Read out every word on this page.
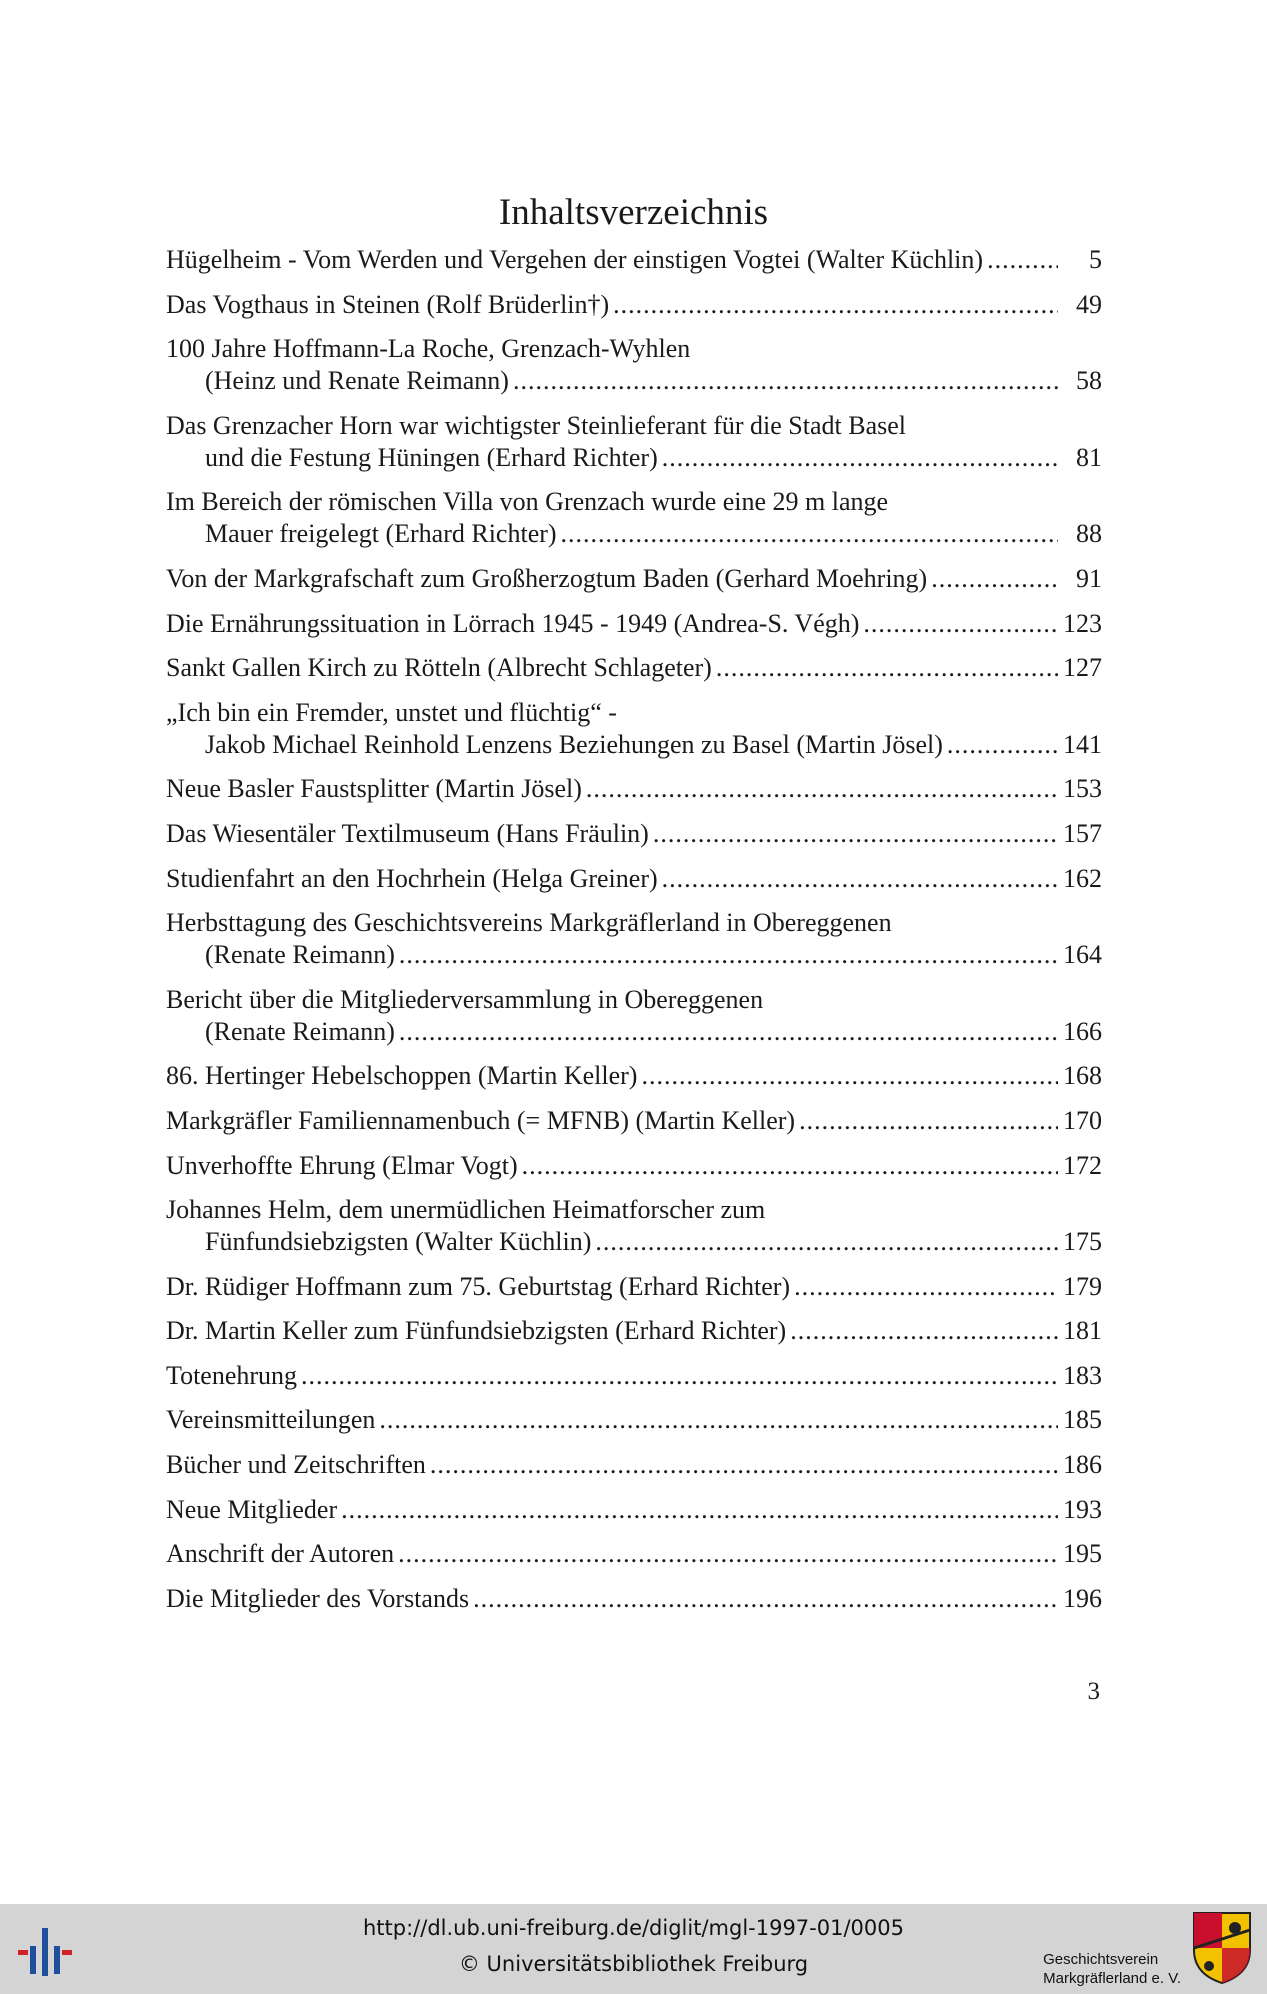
Inhaltsverzeichnis
Hügelheim - Vom Werden und Vergehen der einstigen Vogtei (Walter Küchlin) .....	5
Das Vogthaus in Steinen (Rolf Brüderlin†) .....	49
100 Jahre Hoffmann-La Roche, Grenzach-Wyhlen
(Heinz und Renate Reimann) .....	58
Das Grenzacher Horn war wichtigster Steinlieferant für die Stadt Basel
und die Festung Hüningen (Erhard Richter) .....	81
Im Bereich der römischen Villa von Grenzach wurde eine 29 m lange
Mauer freigelegt (Erhard Richter) .....	88
Von der Markgrafschaft zum Großherzogtum Baden (Gerhard Moehring) .....	91
Die Ernährungssituation in Lörrach 1945 - 1949 (Andrea-S. Végh) .....	123
Sankt Gallen Kirch zu Rötteln (Albrecht Schlageter) .....	127
„Ich bin ein Fremder, unstet und flüchtig“ -
Jakob Michael Reinhold Lenzens Beziehungen zu Basel (Martin Jösel) .....	141
Neue Basler Faustsplitter (Martin Jösel) .....	153
Das Wiesentäler Textilmuseum (Hans Fräulin) .....	157
Studienfahrt an den Hochrhein (Helga Greiner) .....	162
Herbsttagung des Geschichtsvereins Markgräflerland in Obereggenen
(Renate Reimann) .....	164
Bericht über die Mitgliederversammlung in Obereggenen
(Renate Reimann) .....	166
86. Hertinger Hebelschoppen (Martin Keller) .....	168
Markgräfler Familiennamenbuch (= MFNB) (Martin Keller) .....	170
Unverhoffte Ehrung (Elmar Vogt) .....	172
Johannes Helm, dem unermüdlichen Heimatforscher zum
Fünfundsiebzigsten (Walter Küchlin) .....	175
Dr. Rüdiger Hoffmann zum 75. Geburtstag (Erhard Richter) .....	179
Dr. Martin Keller zum Fünfundsiebzigsten (Erhard Richter) .....	181
Totenehrung .....	183
Vereinsmitteilungen .....	185
Bücher und Zeitschriften .....	186
Neue Mitglieder .....	193
Anschrift der Autoren .....	195
Die Mitglieder des Vorstands .....	196
3
http://dl.ub.uni-freiburg.de/diglit/mgl-1997-01/0005
© Universitätsbibliothek Freiburg	Geschichtsverein
Markgräflerland e. V.
